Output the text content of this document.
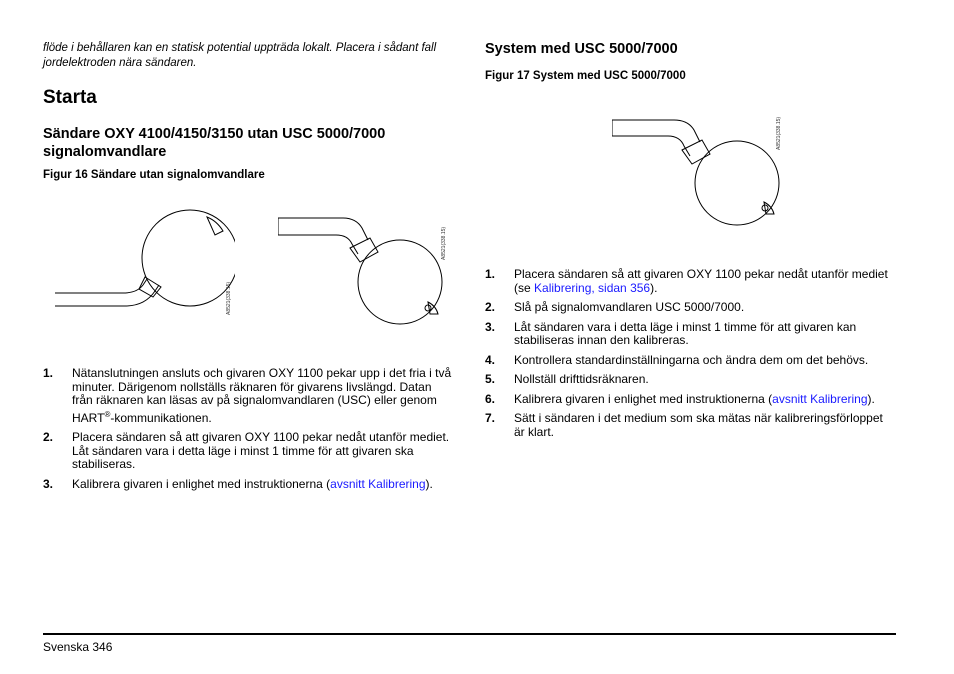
flöde i behållaren kan en statisk potential uppträda lokalt. Placera i sådant fall jordelektroden nära sändaren.

Starta
Sändare OXY 4100/4150/3150 utan USC 5000/7000 signalomvandlare

Figur 16 Sändare utan signalomvandlare

A8521(338.15)
A8521(338.15)
1. Nätanslutningen ansluts och givaren OXY 1100 pekar upp i det fria i två minuter. Därigenom nollställs räknaren för givarens livslängd. Datan från räknaren kan läsas av på signalomvandlaren (USC) eller genom HART®-kommunikationen.
2. Placera sändaren så att givaren OXY 1100 pekar nedåt utanför mediet. Låt sändaren vara i detta läge i minst 1 timme för att givaren ska stabiliseras.
3. Kalibrera givaren i enlighet med instruktionerna (avsnitt Kalibrering).
System med USC 5000/7000

Figur 17 System med USC 5000/7000

A8521(338.15)
1. Placera sändaren så att givaren OXY 1100 pekar nedåt utanför mediet (se Kalibrering, sidan 356).
2. Slå på signalomvandlaren USC 5000/7000.
3. Låt sändaren vara i detta läge i minst 1 timme för att givaren kan stabiliseras innan den kalibreras.
4. Kontrollera standardinställningarna och ändra dem om det behövs.
5. Nollställ drifttidsräknaren.
6. Kalibrera givaren i enlighet med instruktionerna (avsnitt Kalibrering).
7. Sätt i sändaren i det medium som ska mätas när kalibreringsförloppet är klart.
Svenska 346
